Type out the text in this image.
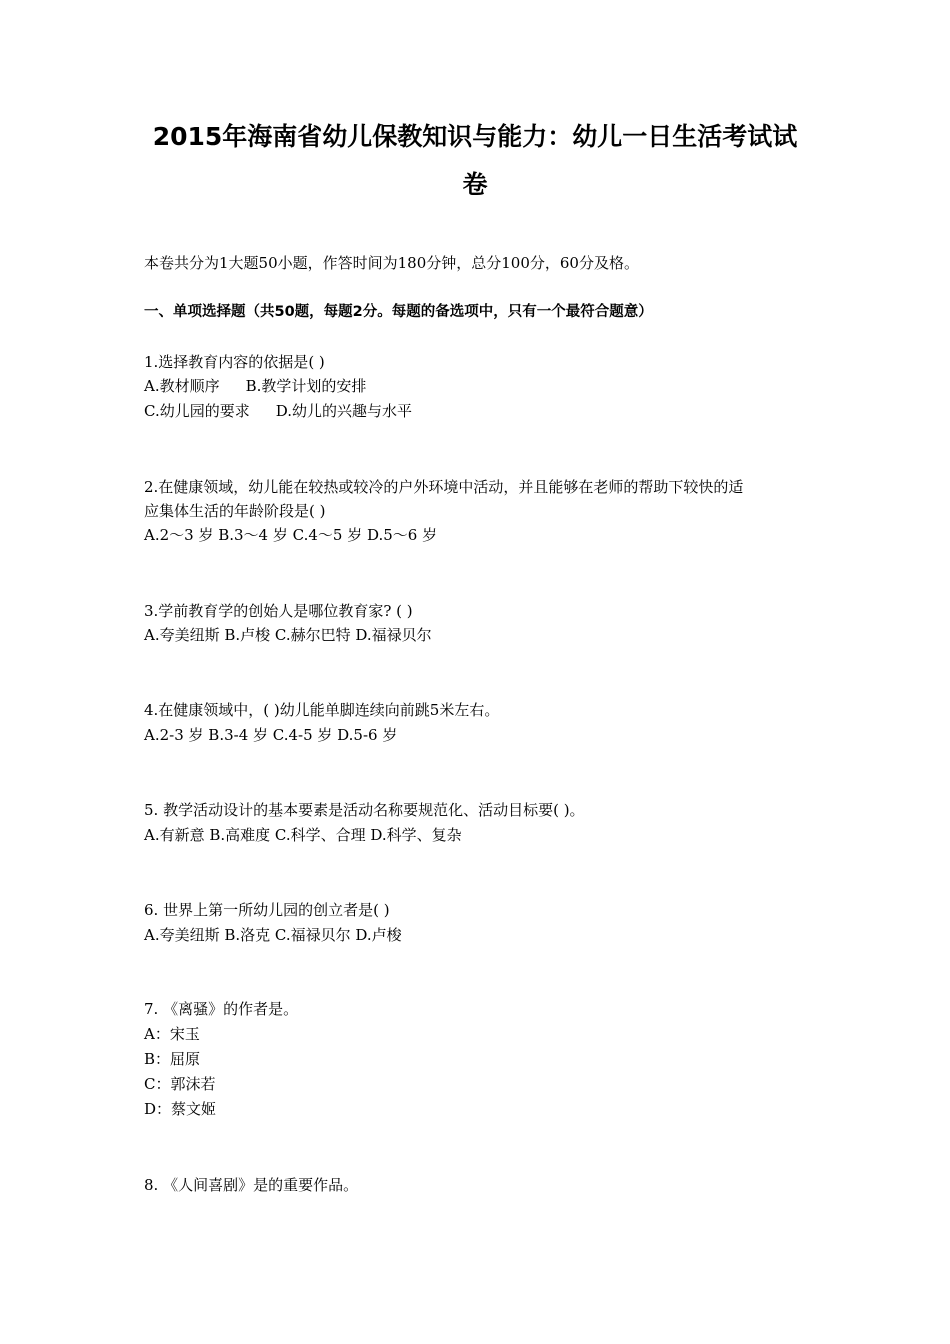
2015年海南省幼儿保教知识与能力：幼儿一日生活考试试
卷
本卷共分为1大题50小题，作答时间为180分钟，总分100分，60分及格。
一、单项选择题（共50题，每题2分。每题的备选项中，只有一个最符合题意）
1.选择教育内容的依据是( )
A.教材顺序 B.教学计划的安排
C.幼儿园的要求 D.幼儿的兴趣与水平
2.在健康领域，幼儿能在较热或较冷的户外环境中活动，并且能够在老师的帮助下较快的适
应集体生活的年龄阶段是( )
A.2～3 岁 B.3～4 岁 C.4～5 岁 D.5～6 岁
3.学前教育学的创始人是哪位教育家? ( )
A.夸美纽斯 B.卢梭 C.赫尔巴特 D.福禄贝尔
4.在健康领域中，( )幼儿能单脚连续向前跳5米左右。
A.2-3 岁 B.3-4 岁 C.4-5 岁 D.5-6 岁
5. 教学活动设计的基本要素是活动名称要规范化、活动目标要( )。
A.有新意 B.高难度 C.科学、合理 D.科学、复杂
6. 世界上第一所幼儿园的创立者是( )
A.夸美纽斯 B.洛克 C.福禄贝尔 D.卢梭
7. 《离骚》的作者是。
A：宋玉
B：屈原
C：郭沫若
D：蔡文姬
8. 《人间喜剧》是的重要作品。
